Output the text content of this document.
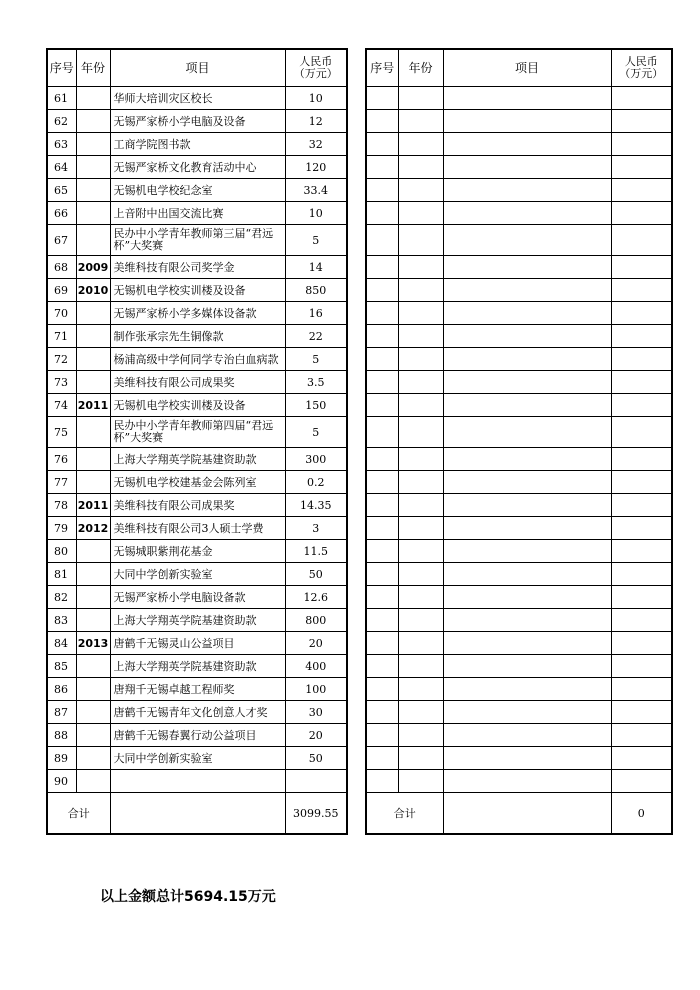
序号	年份	项目	人民币
（万元）
61		华师大培训灾区校长	10
62		无锡严家桥小学电脑及设备	12
63		工商学院图书款	32
64		无锡严家桥文化教育活动中心	120
65		无锡机电学校纪念室	33.4
66		上音附中出国交流比赛	10
67		民办中小学青年教师第三届“君远杯”大奖赛	5
68	2009	美维科技有限公司奖学金	14
69	2010	无锡机电学校实训楼及设备	850
70		无锡严家桥小学多媒体设备款	16
71		制作张承宗先生铜像款	22
72		杨浦高级中学何同学专治白血病款	5
73		美维科技有限公司成果奖	3.5
74	2011	无锡机电学校实训楼及设备	150
75		民办中小学青年教师第四届“君远杯”大奖赛	5
76		上海大学翔英学院基建资助款	300
77		无锡机电学校建基金会陈列室	0.2
78	2011	美维科技有限公司成果奖	14.35
79	2012	美维科技有限公司3人硕士学费	3
80		无锡城职紫荆花基金	11.5
81		大同中学创新实验室	50
82		无锡严家桥小学电脑设备款	12.6
83		上海大学翔英学院基建资助款	800
84	2013	唐鹤千无锡灵山公益项目	20
85		上海大学翔英学院基建资助款	400
86		唐翔千无锡卓越工程师奖	100
87		唐鹤千无锡青年文化创意人才奖	30
88		唐鹤千无锡春翼行动公益项目	20
89		大同中学创新实验室	50
90			
合计			3099.55
序号	年份	项目	人民币
（万元）

合计			0
以上金额总计5694.15万元
